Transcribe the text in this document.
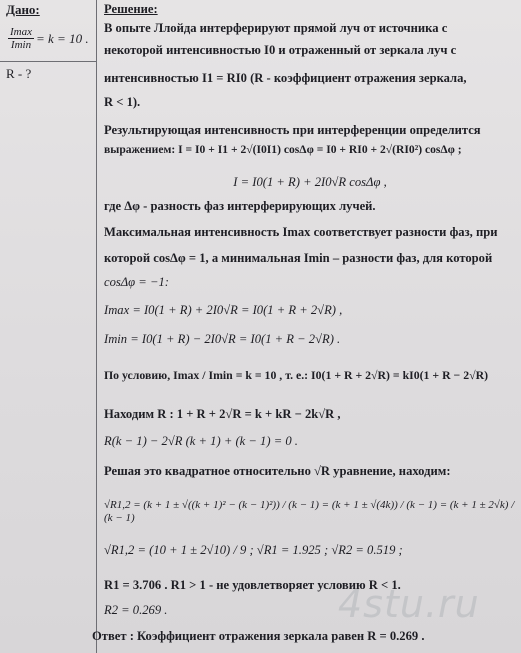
Дано:
$\frac{Imax}{Imin} = k = 10$ .
R - ?
Решение:
В опыте Ллойда интерферируют прямой луч от источника с
некоторой интенсивностью I0 и отраженный от зеркала луч с
интенсивностью I1 = RI0 (R - коэффициент отражения зеркала,
R < 1).
Результирующая интенсивность при интерференции определится
выражением: I = I0 + I1 + 2√(I0I1) cosΔφ = I0 + RI0 + 2√(RI0²) cosΔφ ;
I = I0(1 + R) + 2I0√R cosΔφ ,
где Δφ - разность фаз интерферирующих лучей.
Максимальная интенсивность Imax соответствует разности фаз, при
которой cosΔφ = 1, а минимальная Imin – разности фаз, для которой
cosΔφ = −1:
Imax = I0(1 + R) + 2I0√R = I0(1 + R + 2√R) ,
Imin = I0(1 + R) − 2I0√R = I0(1 + R − 2√R) .
По условию, Imax / Imin = k = 10 , т. е.: I0(1 + R + 2√R) = kI0(1 + R − 2√R)
Находим R : 1 + R + 2√R = k + kR − 2k√R ,
R(k − 1) − 2√R (k + 1) + (k − 1) = 0 .
Решая это квадратное относительно √R уравнение, находим:
√R1,2 = (k + 1 ± √((k + 1)² − (k − 1)²)) / (k − 1) = (k + 1 ± √(4k)) / (k − 1) = (k + 1 ± 2√k) / (k − 1)
√R1,2 = (10 + 1 ± 2√10) / 9 ; √R1 = 1.925 ; √R2 = 0.519 ;
R1 = 3.706 . R1 > 1 - не удовлетворяет условию R < 1.
R2 = 0.269 .
Ответ : Коэффициент отражения зеркала равен R = 0.269 .
4stu.ru
